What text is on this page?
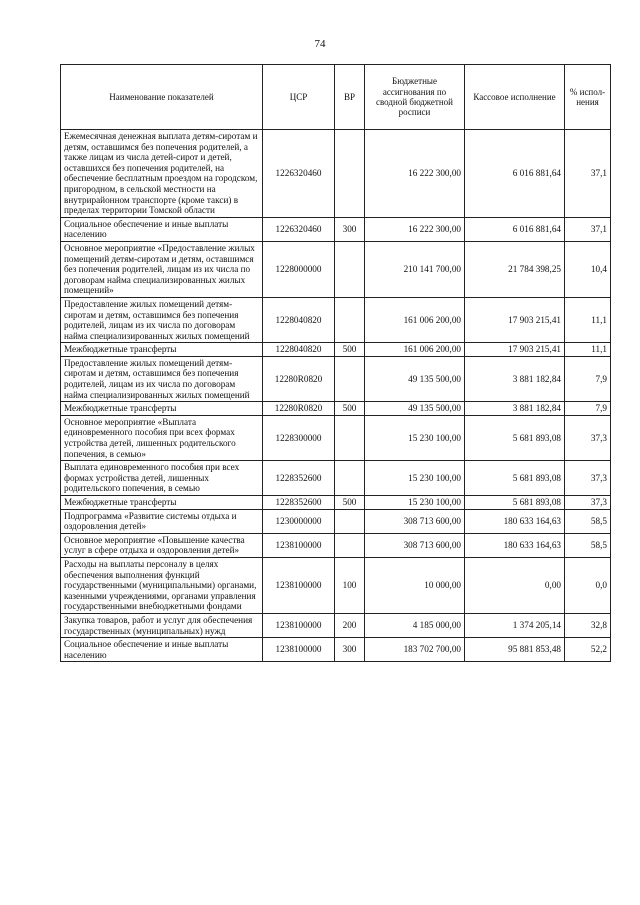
74
Наименование показателей	ЦСР	ВР	Бюджетные ассигнования по сводной бюджетной росписи	Кассовое исполнение	% испол-нения
Ежемесячная денежная выплата детям-сиротам и детям, оставшимся без попечения родителей, а также лицам из числа детей-сирот и детей, оставшихся без попечения родителей, на обеспечение бесплатным проездом на городском, пригородном, в сельской местности на внутрирайонном транспорте (кроме такси) в пределах территории Томской области	1226320460		16 222 300,00	6 016 881,64	37,1
Социальное обеспечение и иные выплаты населению	1226320460	300	16 222 300,00	6 016 881,64	37,1
Основное мероприятие «Предоставление жилых помещений детям-сиротам и детям, оставшимся без попечения родителей, лицам из их числа по договорам найма специализированных жилых помещений»	1228000000		210 141 700,00	21 784 398,25	10,4
Предоставление жилых помещений детям-сиротам и детям, оставшимся без попечения родителей, лицам из их числа по договорам найма специализированных жилых помещений	1228040820		161 006 200,00	17 903 215,41	11,1
Межбюджетные трансферты	1228040820	500	161 006 200,00	17 903 215,41	11,1
Предоставление жилых помещений детям-сиротам и детям, оставшимся без попечения родителей, лицам из их числа по договорам найма специализированных жилых помещений	12280R0820		49 135 500,00	3 881 182,84	7,9
Межбюджетные трансферты	12280R0820	500	49 135 500,00	3 881 182,84	7,9
Основное мероприятие «Выплата единовременного пособия при всех формах устройства детей, лишенных родительского попечения, в семью»	1228300000		15 230 100,00	5 681 893,08	37,3
Выплата единовременного пособия при всех формах устройства детей, лишенных родительского попечения, в семью	1228352600		15 230 100,00	5 681 893,08	37,3
Межбюджетные трансферты	1228352600	500	15 230 100,00	5 681 893,08	37,3
Подпрограмма «Развитие системы отдыха и оздоровления детей»	1230000000		308 713 600,00	180 633 164,63	58,5
Основное мероприятие «Повышение качества услуг в сфере отдыха и оздоровления детей»	1238100000		308 713 600,00	180 633 164,63	58,5
Расходы на выплаты персоналу в целях обеспечения выполнения функций государственными (муниципальными) органами, казенными учреждениями, органами управления государственными внебюджетными фондами	1238100000	100	10 000,00	0,00	0,0
Закупка товаров, работ и услуг для обеспечения государственных (муниципальных) нужд	1238100000	200	4 185 000,00	1 374 205,14	32,8
Социальное обеспечение и иные выплаты населению	1238100000	300	183 702 700,00	95 881 853,48	52,2
